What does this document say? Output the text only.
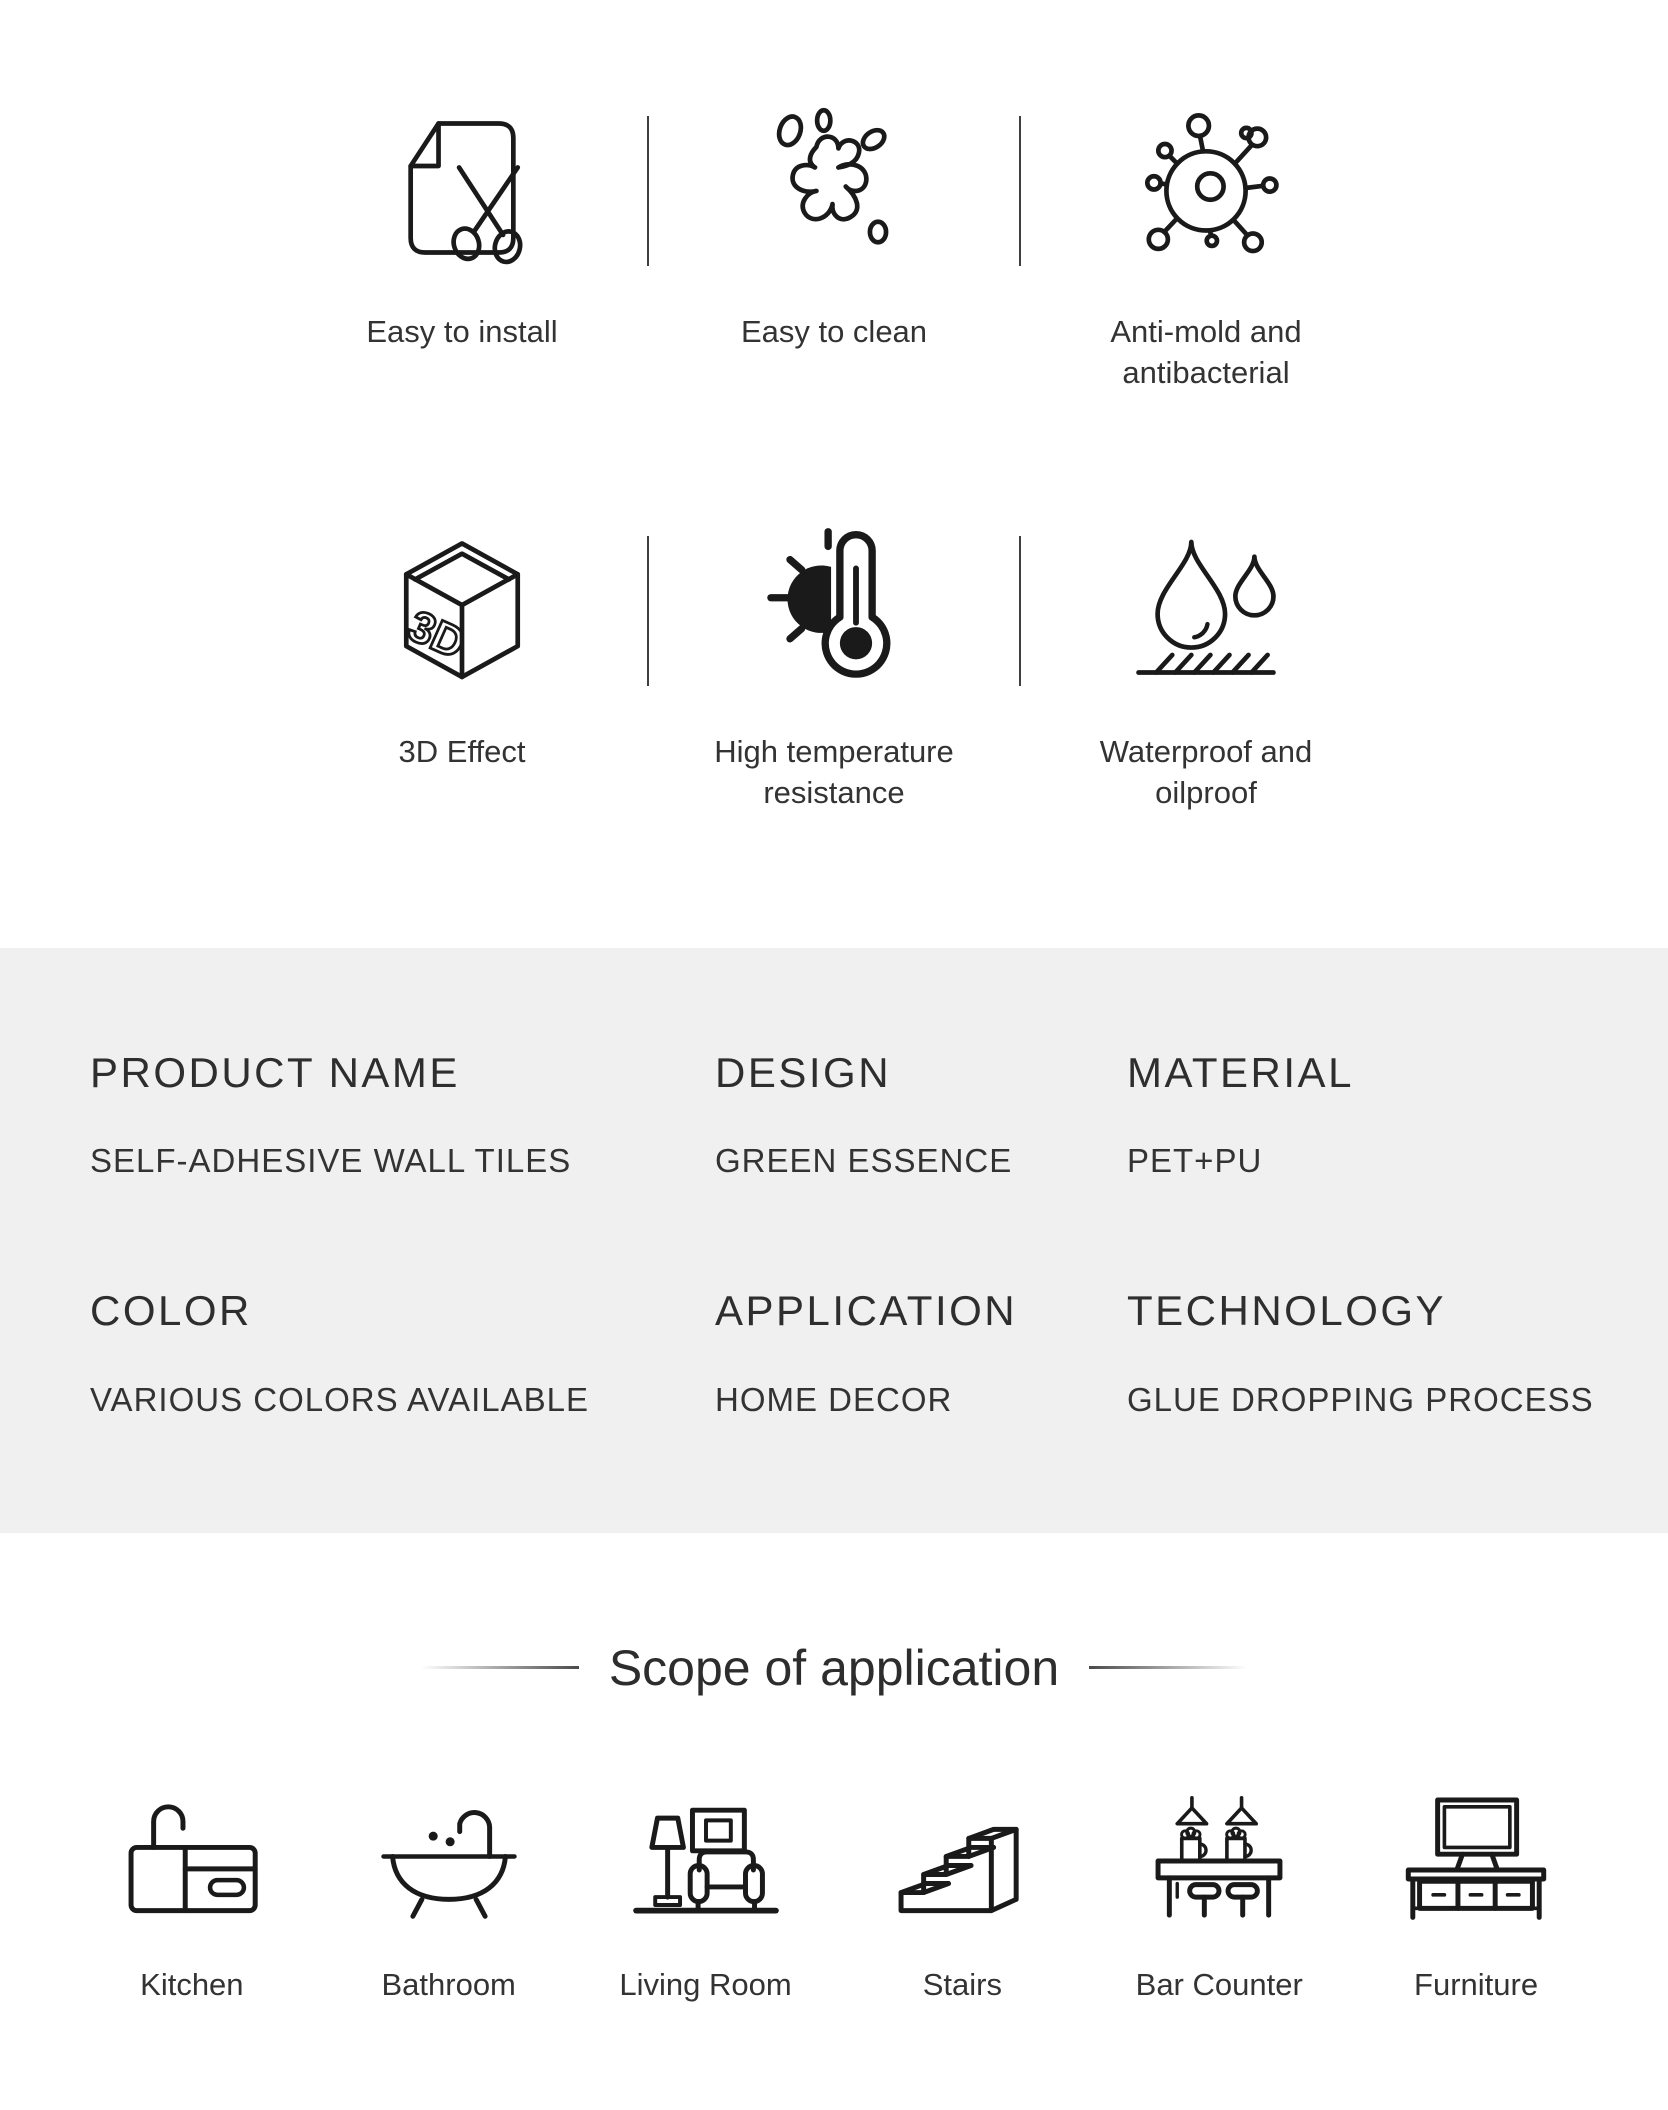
Easy to install	Easy to clean	Anti-mold and antibacterial
3D
3D Effect	High temperature resistance
Waterproof and oilproof
PRODUCT NAME
SELF-ADHESIVE WALL TILES
DESIGN
GREEN ESSENCE
MATERIAL
PET+PU
COLOR
VARIOUS COLORS AVAILABLE
APPLICATION
HOME DECOR
TECHNOLOGY
GLUE DROPPING PROCESS
Scope of application
Kitchen	Bathroom	Living Room	Stairs	Bar Counter	Furniture
